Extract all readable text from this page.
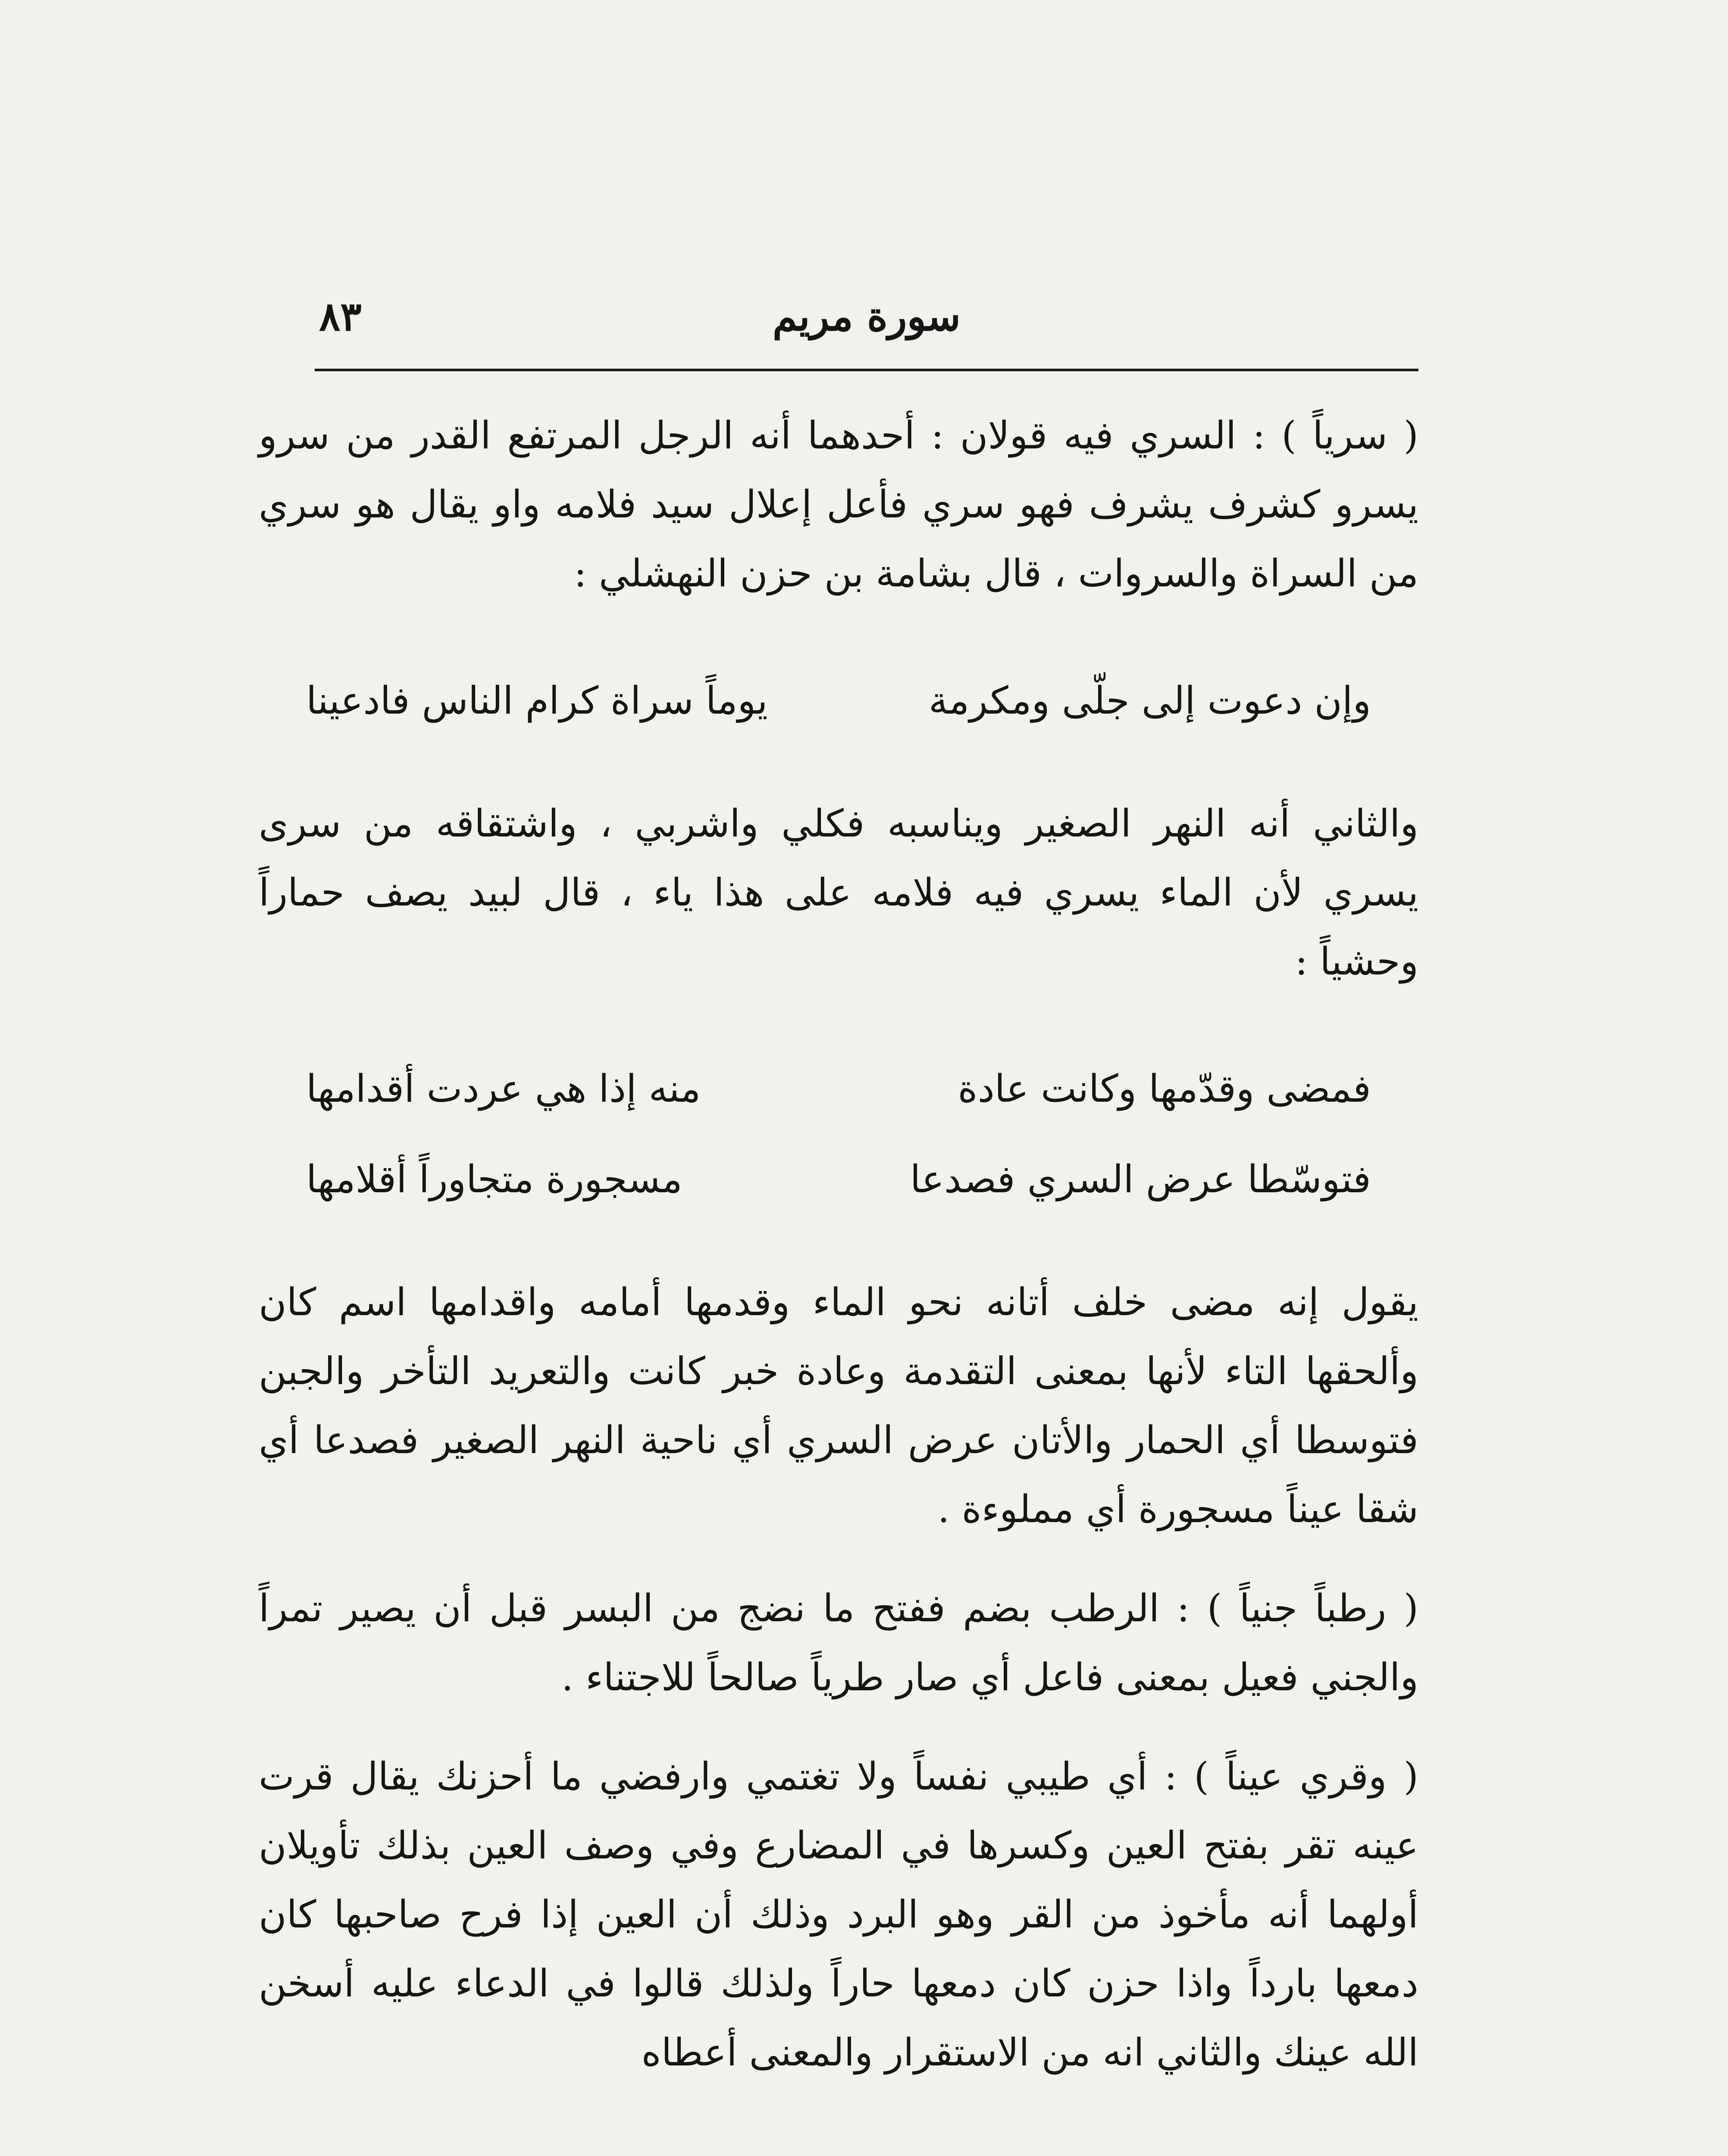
٨٣	سورة مريم

( سرياً ) : السري فيه قولان : أحدهما أنه الرجل المرتفع القدر من سرو يسرو كشرف يشرف فهو سري فأعل إعلال سيد فلامه واو يقال هو سري من السراة والسروات ، قال بشامة بن حزن النهشلي :

وإن دعوت إلى جلّى ومكرمة
يوماً سراة كرام الناس فادعينا

والثاني أنه النهر الصغير ويناسبه فكلي واشربي ، واشتقاقه من سرى يسري لأن الماء يسري فيه فلامه على هذا ياء ، قال لبيد يصف حماراً وحشياً :

فمضى وقدّمها وكانت عادة
منه إذا هي عردت أقدامها
فتوسّطا عرض السري فصدعا
مسجورة متجاوراً أقلامها

يقول إنه مضى خلف أتانه نحو الماء وقدمها أمامه واقدامها اسم كان وألحقها التاء لأنها بمعنى التقدمة وعادة خبر كانت والتعريد التأخر والجبن فتوسطا أي الحمار والأتان عرض السري أي ناحية النهر الصغير فصدعا أي شقا عيناً مسجورة أي مملوءة .

( رطباً جنياً ) : الرطب بضم ففتح ما نضج من البسر قبل أن يصير تمراً والجني فعيل بمعنى فاعل أي صار طرياً صالحاً للاجتناء .

( وقري عيناً ) : أي طيبي نفساً ولا تغتمي وارفضي ما أحزنك يقال قرت عينه تقر بفتح العين وكسرها في المضارع وفي وصف العين بذلك تأويلان أولهما أنه مأخوذ من القر وهو البرد وذلك أن العين إذا فرح صاحبها كان دمعها بارداً واذا حزن كان دمعها حاراً ولذلك قالوا في الدعاء عليه أسخن الله عينك والثاني انه من الاستقرار والمعنى أعطاه
